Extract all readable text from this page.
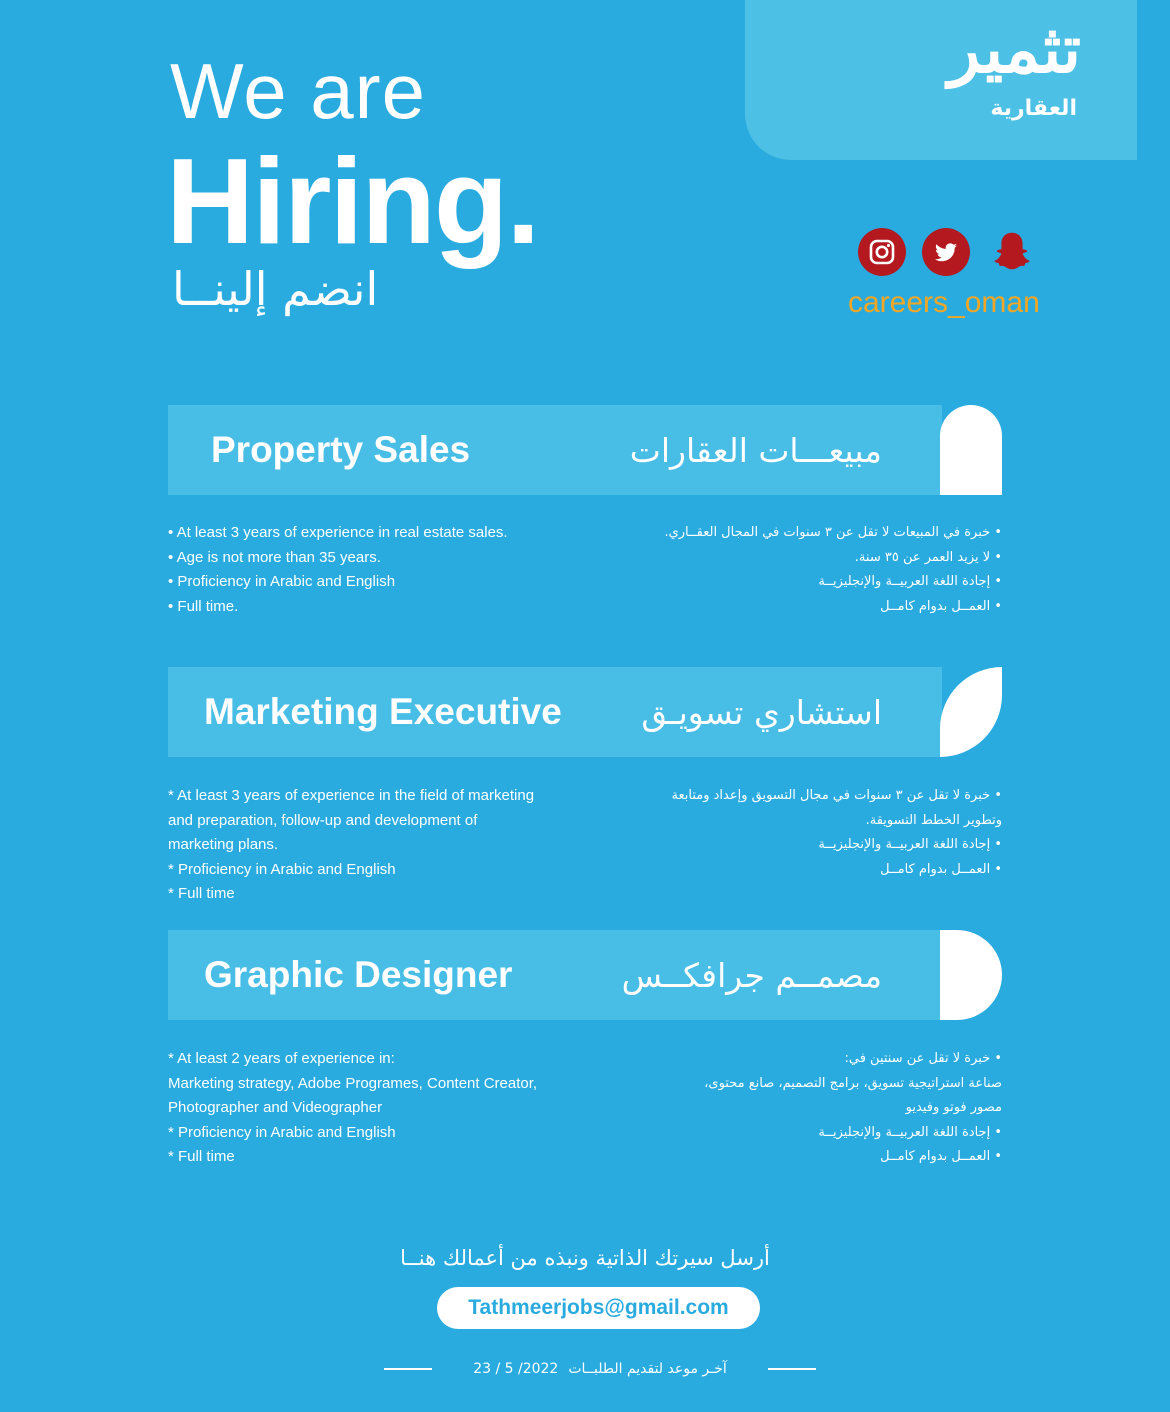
تثمير
العقارية
We are
Hiring.
انضم إلينــا	careers_oman
Property Sales	مبيعـــات العقارات
• At least 3 years of experience in real estate sales.
• Age is not more than 35 years.
• Proficiency in Arabic and English
• Full time.
• خبرة في المبيعات لا تقل عن ٣ سنوات في المجال العقــاري.
• لا يزيد العمر عن ٣٥ سنة.
• إجادة اللغة العربيــة والإنجليزيــة
• العمــل بدوام كامــل
Marketing Executive استشاري تسويـق
* At least 3 years of experience in the field of marketing
and preparation, follow-up and development of
marketing plans.
* Proficiency in Arabic and English
* Full time
• خبرة لا تقل عن ٣ سنوات في مجال التسويق وإعداد ومتابعة
وتطوير الخطط التسويقة.
• إجادة اللغة العربيــة والإنجليزيــة
• العمــل بدوام كامــل
Graphic Designer	مصمــم جرافكــس
* At least 2 years of experience in:
Marketing strategy, Adobe Programes, Content Creator,
Photographer and Videographer
* Proficiency in Arabic and English
* Full time
• خبرة لا تقل عن سنتين في:
صناعة استراتيجية تسويق، برامج التصميم، صانع محتوى،
مصور فوتو وفيديو
• إجادة اللغة العربيــة والإنجليزيــة
• العمــل بدوام كامــل
أرسل سيرتك الذاتية ونبذه من أعمالك هنــا
Tathmeerjobs@gmail.com
آخـر موعد لتقديم الطلبــات
23 / 5 /2022
